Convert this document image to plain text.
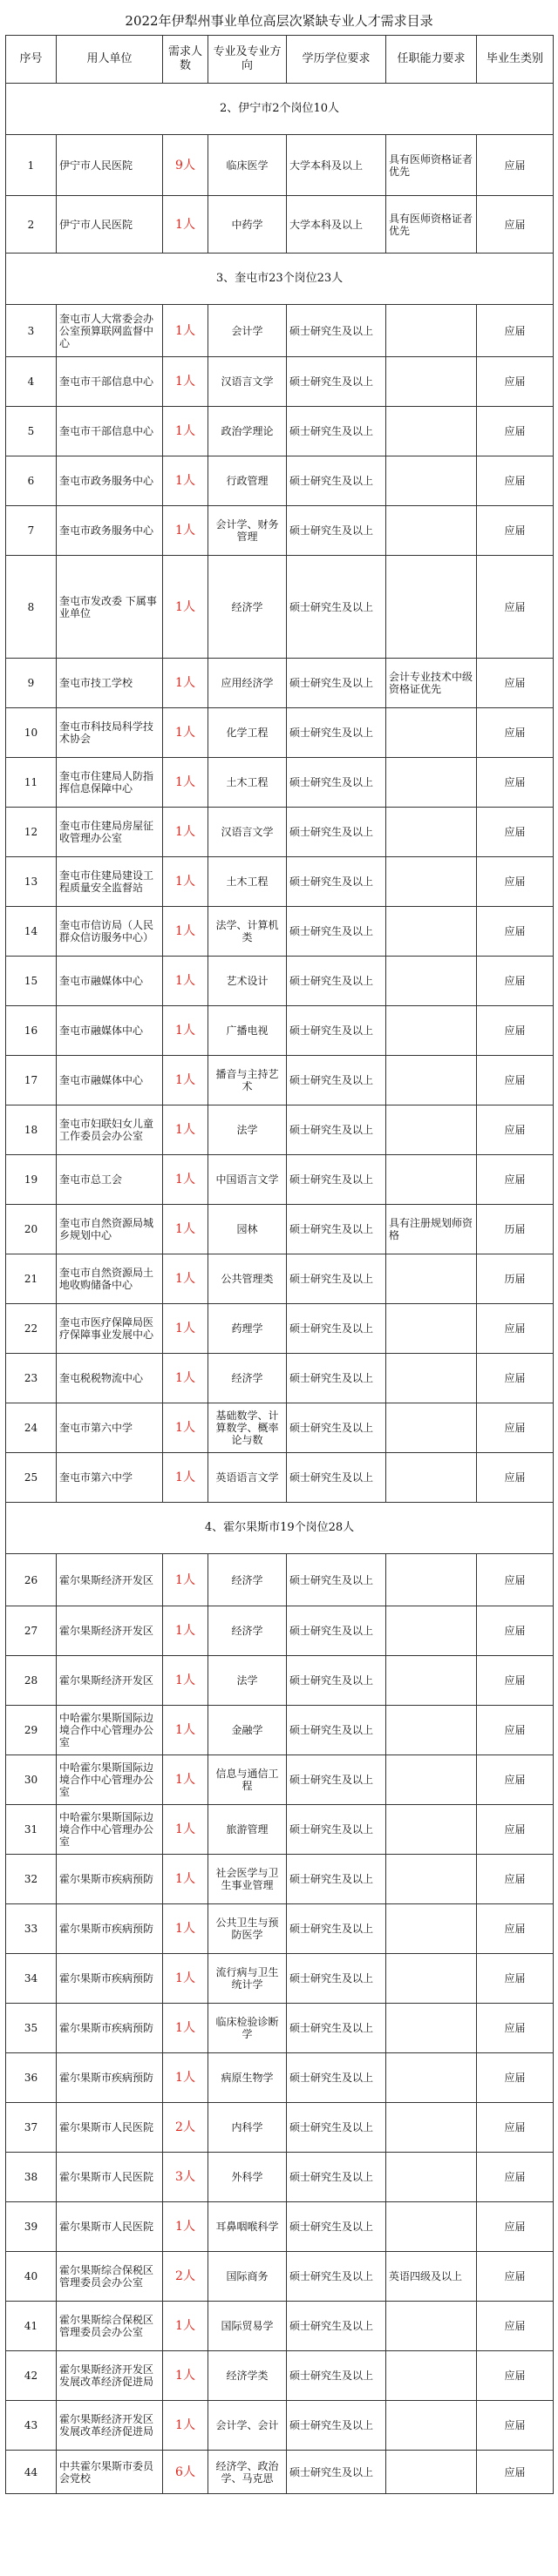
2022年伊犁州事业单位高层次紧缺专业人才需求目录
序号	用人单位	需求人数	专业及专业方向	学历学位要求	任职能力要求	毕业生类别
2、伊宁市2个岗位10人						
1	伊宁市人民医院	9人	临床医学	大学本科及以上	具有医师资格证者优先	应届
2	伊宁市人民医院	1人	中药学	大学本科及以上	具有医师资格证者优先	应届
3、奎屯市23个岗位23人						
3	奎屯市人大常委会办公室预算联网监督中心	1人	会计学	硕士研究生及以上		应届
4	奎屯市干部信息中心	1人	汉语言文学	硕士研究生及以上		应届
5	奎屯市干部信息中心	1人	政治学理论	硕士研究生及以上		应届
6	奎屯市政务服务中心	1人	行政管理	硕士研究生及以上		应届
7	奎屯市政务服务中心	1人	会计学、财务管理	硕士研究生及以上		应届
8	奎屯市发改委 下属事业单位	1人	经济学	硕士研究生及以上		应届
9	奎屯市技工学校	1人	应用经济学	硕士研究生及以上	会计专业技术中级资格证优先	应届
10	奎屯市科技局科学技术协会	1人	化学工程	硕士研究生及以上		应届
11	奎屯市住建局人防指挥信息保障中心	1人	土木工程	硕士研究生及以上		应届
12	奎屯市住建局房屋征收管理办公室	1人	汉语言文学	硕士研究生及以上		应届
13	奎屯市住建局建设工程质量安全监督站	1人	土木工程	硕士研究生及以上		应届
14	奎屯市信访局（人民群众信访服务中心）	1人	法学、计算机类	硕士研究生及以上		应届
15	奎屯市融媒体中心	1人	艺术设计	硕士研究生及以上		应届
16	奎屯市融媒体中心	1人	广播电视	硕士研究生及以上		应届
17	奎屯市融媒体中心	1人	播音与主持艺术	硕士研究生及以上		应届
18	奎屯市妇联妇女儿童工作委员会办公室	1人	法学	硕士研究生及以上		应届
19	奎屯市总工会	1人	中国语言文学	硕士研究生及以上		应届
20	奎屯市自然资源局城乡规划中心	1人	园林	硕士研究生及以上	具有注册规划师资格	历届
21	奎屯市自然资源局土地收购储备中心	1人	公共管理类	硕士研究生及以上		历届
22	奎屯市医疗保障局医疗保障事业发展中心	1人	药理学	硕士研究生及以上		应届
23	奎屯税税物流中心	1人	经济学	硕士研究生及以上		应届
24	奎屯市第六中学	1人	基础数学、计算数学、概率论与数	硕士研究生及以上		应届
25	奎屯市第六中学	1人	英语语言文学	硕士研究生及以上		应届
4、霍尔果斯市19个岗位28人						
26	霍尔果斯经济开发区	1人	经济学	硕士研究生及以上		应届
27	霍尔果斯经济开发区	1人	经济学	硕士研究生及以上		应届
28	霍尔果斯经济开发区	1人	法学	硕士研究生及以上		应届
29	中哈霍尔果斯国际边境合作中心管理办公室	1人	金融学	硕士研究生及以上		应届
30	中哈霍尔果斯国际边境合作中心管理办公室	1人	信息与通信工程	硕士研究生及以上		应届
31	中哈霍尔果斯国际边境合作中心管理办公室	1人	旅游管理	硕士研究生及以上		应届
32	霍尔果斯市疾病预防	1人	社会医学与卫生事业管理	硕士研究生及以上		应届
33	霍尔果斯市疾病预防	1人	公共卫生与预防医学	硕士研究生及以上		应届
34	霍尔果斯市疾病预防	1人	流行病与卫生统计学	硕士研究生及以上		应届
35	霍尔果斯市疾病预防	1人	临床检验诊断学	硕士研究生及以上		应届
36	霍尔果斯市疾病预防	1人	病原生物学	硕士研究生及以上		应届
37	霍尔果斯市人民医院	2人	内科学	硕士研究生及以上		应届
38	霍尔果斯市人民医院	3人	外科学	硕士研究生及以上		应届
39	霍尔果斯市人民医院	1人	耳鼻咽喉科学	硕士研究生及以上		应届
40	霍尔果斯综合保税区管理委员会办公室	2人	国际商务	硕士研究生及以上	英语四级及以上	应届
41	霍尔果斯综合保税区管理委员会办公室	1人	国际贸易学	硕士研究生及以上		应届
42	霍尔果斯经济开发区发展改革经济促进局	1人	经济学类	硕士研究生及以上		应届
43	霍尔果斯经济开发区发展改革经济促进局	1人	会计学、会计	硕士研究生及以上		应届
44	中共霍尔果斯市委员会党校	6人	经济学、政治学、马克思	硕士研究生及以上		应届
